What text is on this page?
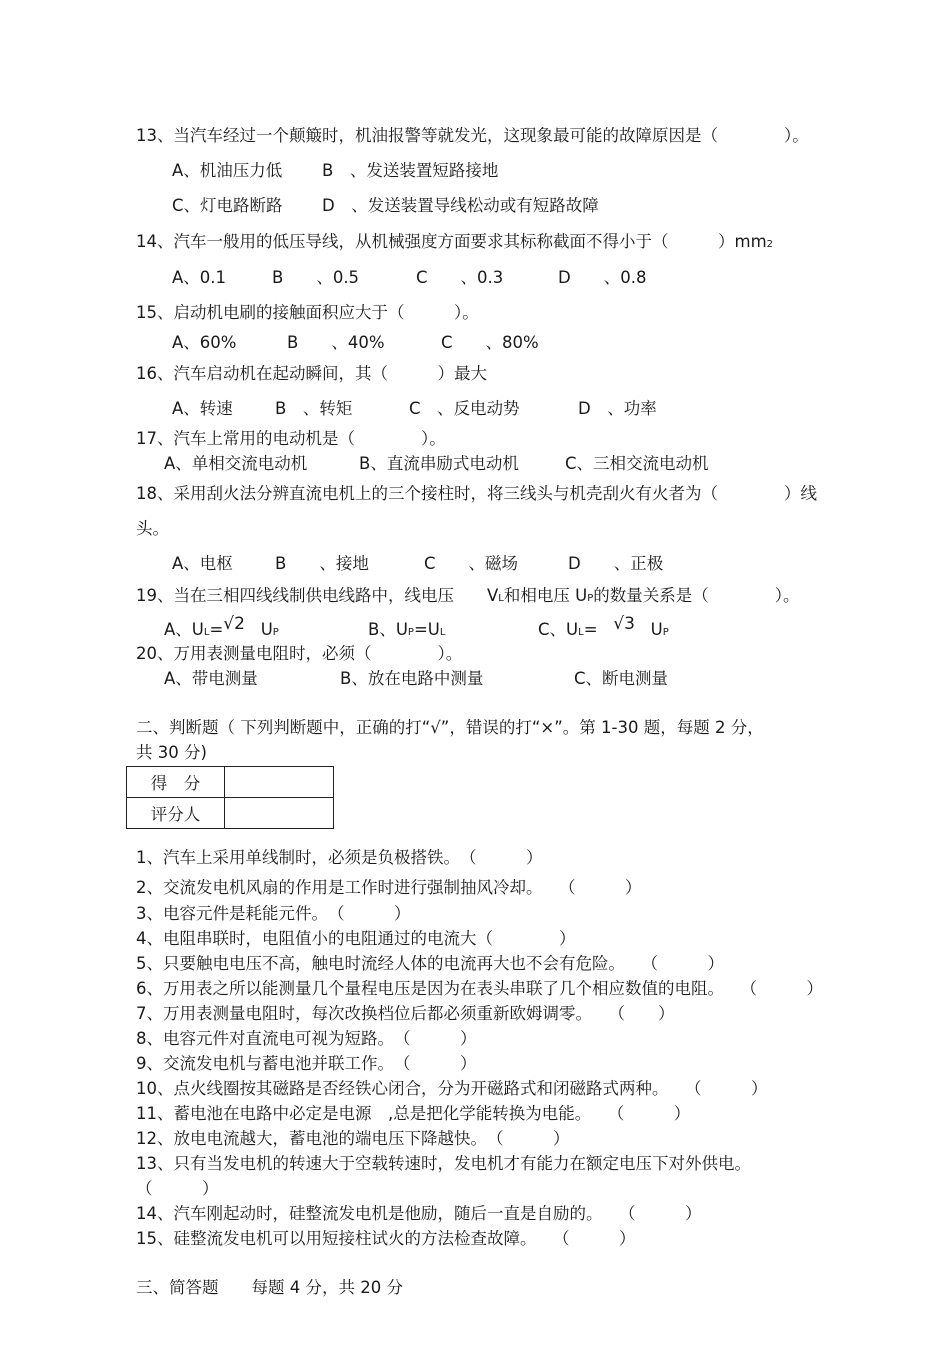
13、当汽车经过一个颠簸时，机油报警等就发光，这现象最可能的故障原因是（　　　　）。
A、机油压力低 B　、发送装置短路接地
C、灯电路断路 D　、发送装置导线松动或有短路故障
14、汽车一般用的低压导线，从机械强度方面要求其标称截面不得小于（　　　）mm2
A、0.1	B　　、0.5	C　　、0.3	D　　、0.8
15、启动机电刷的接触面积应大于（　　　）。
A、60%	B　　、40%	C　　、80%
16、汽车启动机在起动瞬间，其（　　　）最大
A、转速	B　、转矩	C　、反电动势	D　、功率
17、汽车上常用的电动机是（　　　　）。
A、单相交流电动机	B、直流串励式电动机	C、三相交流电动机
18、采用刮火法分辨直流电机上的三个接柱时，将三线头与机壳刮火有火者为（　　　　）线
头。
A、电枢	B　　、接地	C　　、磁场	D　　、正极
19、当在三相四线线制供电线路中，线电压　　VL和相电压 UP的数量关系是（　　　　）。
A、UL=√2 UP	B、UP=UL	C、UL= √3 UP
20、万用表测量电阻时，必须（　　　　）。
A、带电测量	B、放在电路中测量	C、断电测量
二、判断题（ 下列判断题中，正确的打“√”，错误的打“×”。第 1-30 题，每题 2 分，
共 30 分)
得　分	
评分人	
1、汽车上采用单线制时，必须是负极搭铁。　（　　　）
2、交流发电机风扇的作用是工作时进行强制抽风冷却。　　（　　　）
3、电容元件是耗能元件。　（　　　）
4、电阻串联时，电阻值小的电阻通过的电流大（　　　　）
5、只要触电电压不高，触电时流经人体的电流再大也不会有危险。　　（　　　）
6、万用表之所以能测量几个量程电压是因为在表头串联了几个相应数值的电阻。　　（　　　）
7、万用表测量电阻时，每次改换档位后都必须重新欧姆调零。　　（　　）
8、电容元件对直流电可视为短路。　（　　　）
9、交流发电机与蓄电池并联工作。　（　　　）
10、点火线圈按其磁路是否经铁心闭合，分为开磁路式和闭磁路式两种。　　（　　　）
11、蓄电池在电路中必定是电源　,总是把化学能转换为电能。　　（　　　）
12、放电电流越大，蓄电池的端电压下降越快。　（　　　）
13、只有当发电机的转速大于空载转速时，发电机才有能力在额定电压下对外供电。
（　　　）
14、汽车刚起动时，硅整流发电机是他励，随后一直是自励的。　　（　　　）
15、硅整流发电机可以用短接柱试火的方法检查故障。　　（　　　）
三、简答题　　每题 4 分，共 20 分
